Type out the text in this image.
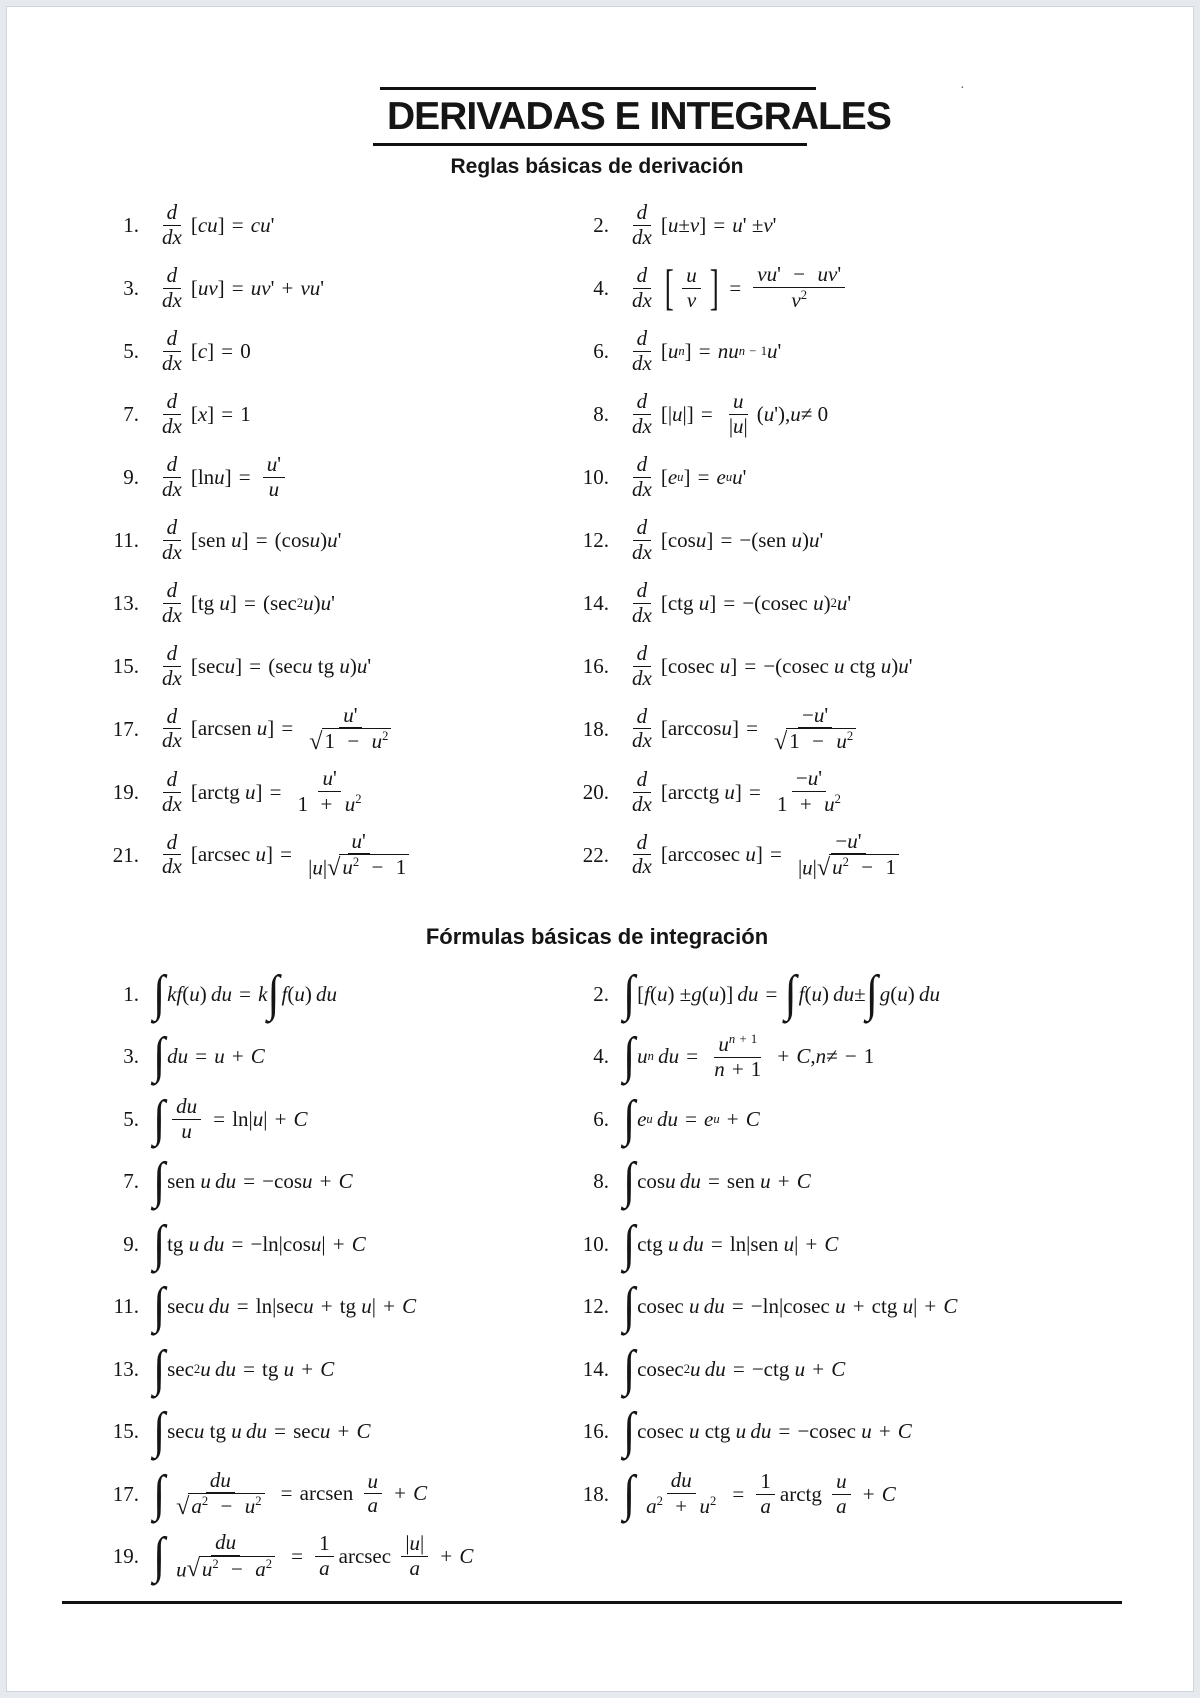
·
DERIVADAS E INTEGRALES
Reglas básicas de derivación
1. $\frac{d}{dx}$ [ c u ] = c u '	2. $\frac{d}{dx}$ [ u ± v ] = u ' ± v '
3. $\frac{d}{dx}$ [ u v ] = u v ' + v u '	4. $\frac{d}{dx}$ [ $\frac{u}{v}$ ] = $\frac{vu' - uv'}{v^2}$
5. $\frac{d}{dx}$ [ c ] = 0	6. $\frac{d}{dx}$ [ u n ] = n u n − 1 u '
7. $\frac{d}{dx}$ [ x ] = 1	8. $\frac{d}{dx}$ [| u |] = $\frac{u}{|u|}$ ( u '), u ≠ 0
9. $\frac{d}{dx} [\ln$ u ] = $\frac{u'}{u}$	10. $\frac{d}{dx}$ [ e u ] = e u u '
11. $\frac{d}{dx} [sen$ u ] = (cos u ) u '	12. $\frac{d}{dx} [\cos$ u ] = −(sen u ) u '
13. $\frac{d}{dx} [tg$ u ] = (sec 2 u ) u '	14. $\frac{d}{dx} [ctg$ u ] = −(cosec u ) 2 u '
15. $\frac{d}{dx} [\sec$ u ] = (sec u tg u ) u '	16. $\frac{d}{dx} [cosec$ u ] = −(cosec u ctg u ) u '
17. $\frac{d}{dx}$ [arcsen u ] = $\frac{u'}{√ 1 - u^2}$	18. $\frac{d}{dx} [\arccos$ u ] = $\frac{-u'}{√ 1 - u^2}$
19. $\frac{d}{dx}$ [arctg u ] = $\frac{u'}{1 + u^2}$	20. $\frac{d}{dx}$ [arcctg u ] = $\frac{-u'}{1 + u^2}$
21. $\frac{d}{dx} [arcsec$ u ] = $\frac{u'}{|u| √ u^2 - 1}$	22. $\frac{d}{dx}$ [arccosec u ] = $\frac{-u'}{|u| √ u^2 - 1}$
Fórmulas básicas de integración
1. ∫ k f ( u )  d u = k ∫ f ( u )  d u	2. ∫ [ f ( u ) ± g ( u )]  d u = ∫ f ( u )  d u ± ∫ g ( u )  d u
3. ∫ d u = u + C	4. ∫ u n
  d $u = \frac{u^{n + 1}}{n + 1} + C$ , n ≠ − 1
5. ∫ $\frac{du}{u} = \ln|$ u | + C	6. ∫ e u
  d u = e u + C
7. ∫ sen u
  d u = −cos u + C	8. ∫ cos u
  d u = sen u + C
9. ∫ tg u
  d u = −ln|cos u | + C	10. ∫ ctg u
  d u = ln|sen u | + C
11. ∫ sec u
  d u = ln|sec u + tg u | + C	12. ∫ cosec u
  d u = −ln|cosec u + ctg u | + C
13. ∫ sec 2 u
  d u = tg u + C	14. ∫ cosec 2 u
  d u = −ctg u + C
15. ∫ sec u tg u
  d u = sec u + C	16. ∫ cosec u ctg u
  d u = −cosec u + C
17. ∫ $\frac{du}{√ a^2 - u^2}$ = arcsen $\frac{u}{a} + C$	18. ∫ $\frac{du}{a^2 + u^2} = \frac{1}{a}$ arctg $\frac{u}{a} + C$
19. ∫ $\frac{du}{u √ u^2 - a^2} = \frac{1}{a}$ arcsec $\frac{|u|}{a} + C$
